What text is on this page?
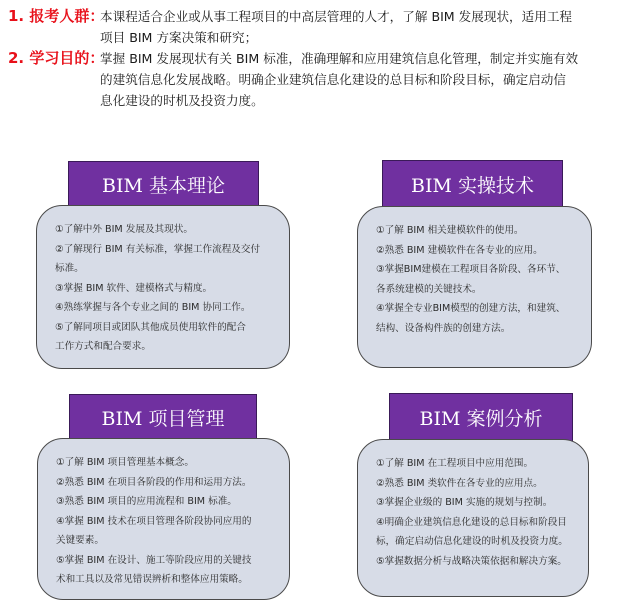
1. 报考人群：
本课程适合企业或从事工程项目的中高层管理的人才，了解 BIM 发展现状，适用工程
项目 BIM 方案决策和研究；
2. 学习目的：
掌握 BIM 发展现状有关 BIM 标准，准确理解和应用建筑信息化管理，制定并实施有效
的建筑信息化发展战略。明确企业建筑信息化建设的总目标和阶段目标，确定启动信
息化建设的时机及投资力度。
BIM 基本理论
①了解中外 BIM 发展及其现状。
②了解现行 BIM 有关标准，掌握工作流程及交付
标准。
③掌握 BIM 软件、建模格式与精度。
④熟练掌握与各个专业之间的 BIM 协同工作。
⑤了解同项目或团队其他成员使用软件的配合
工作方式和配合要求。
BIM 实操技术
①了解 BIM 相关建模软件的使用。
②熟悉 BIM 建模软件在各专业的应用。
③掌握BIM建模在工程项目各阶段、各环节、
各系统建模的关键技术。
④掌握全专业BIM模型的创建方法，和建筑、
结构、设备构件族的创建方法。
BIM 项目管理
①了解 BIM 项目管理基本概念。
②熟悉 BIM 在项目各阶段的作用和运用方法。
③熟悉 BIM 项目的应用流程和 BIM 标准。
④掌握 BIM 技术在项目管理各阶段协同应用的
关键要素。
⑤掌握 BIM 在设计、施工等阶段应用的关键技
术和工具以及常见错误辨析和整体应用策略。
BIM 案例分析
①了解 BIM 在工程项目中应用范围。
②熟悉 BIM 类软件在各专业的应用点。
③掌握企业级的 BIM 实施的规划与控制。
④明确企业建筑信息化建设的总目标和阶段目
标，确定启动信息化建设的时机及投资力度。
⑤掌握数据分析与战略决策依据和解决方案。
